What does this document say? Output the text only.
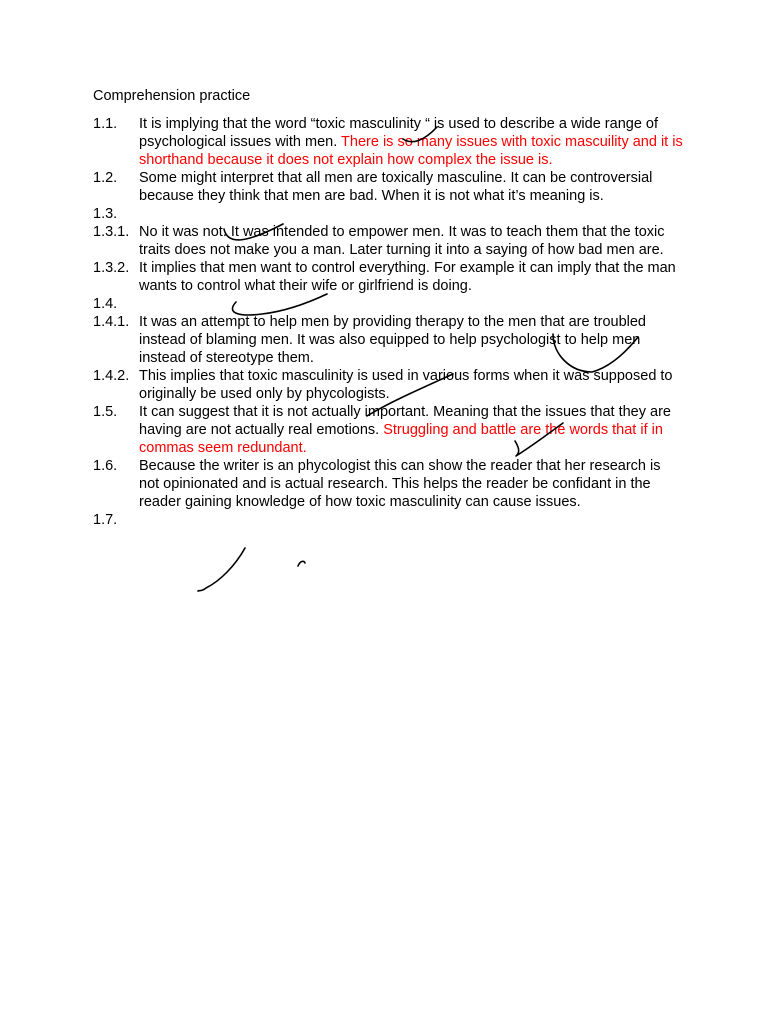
Comprehension practice
1.1.	It is implying that the word “toxic masculinity “ is used to describe a wide range of psychological issues with men. There is so many issues with toxic mascuility and it is shorthand because it does not explain how complex the issue is.
1.2.	Some might interpret that all men are toxically masculine. It can be controversial because they think that men are bad. When it is not what it’s meaning is.
1.3.
1.3.1. No it was not. It was intended to empower men. It was to teach them that the toxic traits does not make you a man. Later turning it into a saying of how bad men are.
1.3.2. It implies that men want to control everything. For example it can imply that the man wants to control what their wife or girlfriend is doing.
1.4.
1.4.1. It was an attempt to help men by providing therapy to the men that are troubled instead of blaming men. It was also equipped to help psychologist to help men instead of stereotype them.
1.4.2. This implies that toxic masculinity is used in various forms when it was supposed to originally be used only by phycologists.
1.5.	It can suggest that it is not actually important. Meaning that the issues that they are having are not actually real emotions. Struggling and battle are the words that if in commas seem redundant.
1.6.	Because the writer is an phycologist this can show the reader that her research is not opinionated and is actual research. This helps the reader be confidant in the reader gaining knowledge of how toxic masculinity can cause issues.
1.7.
